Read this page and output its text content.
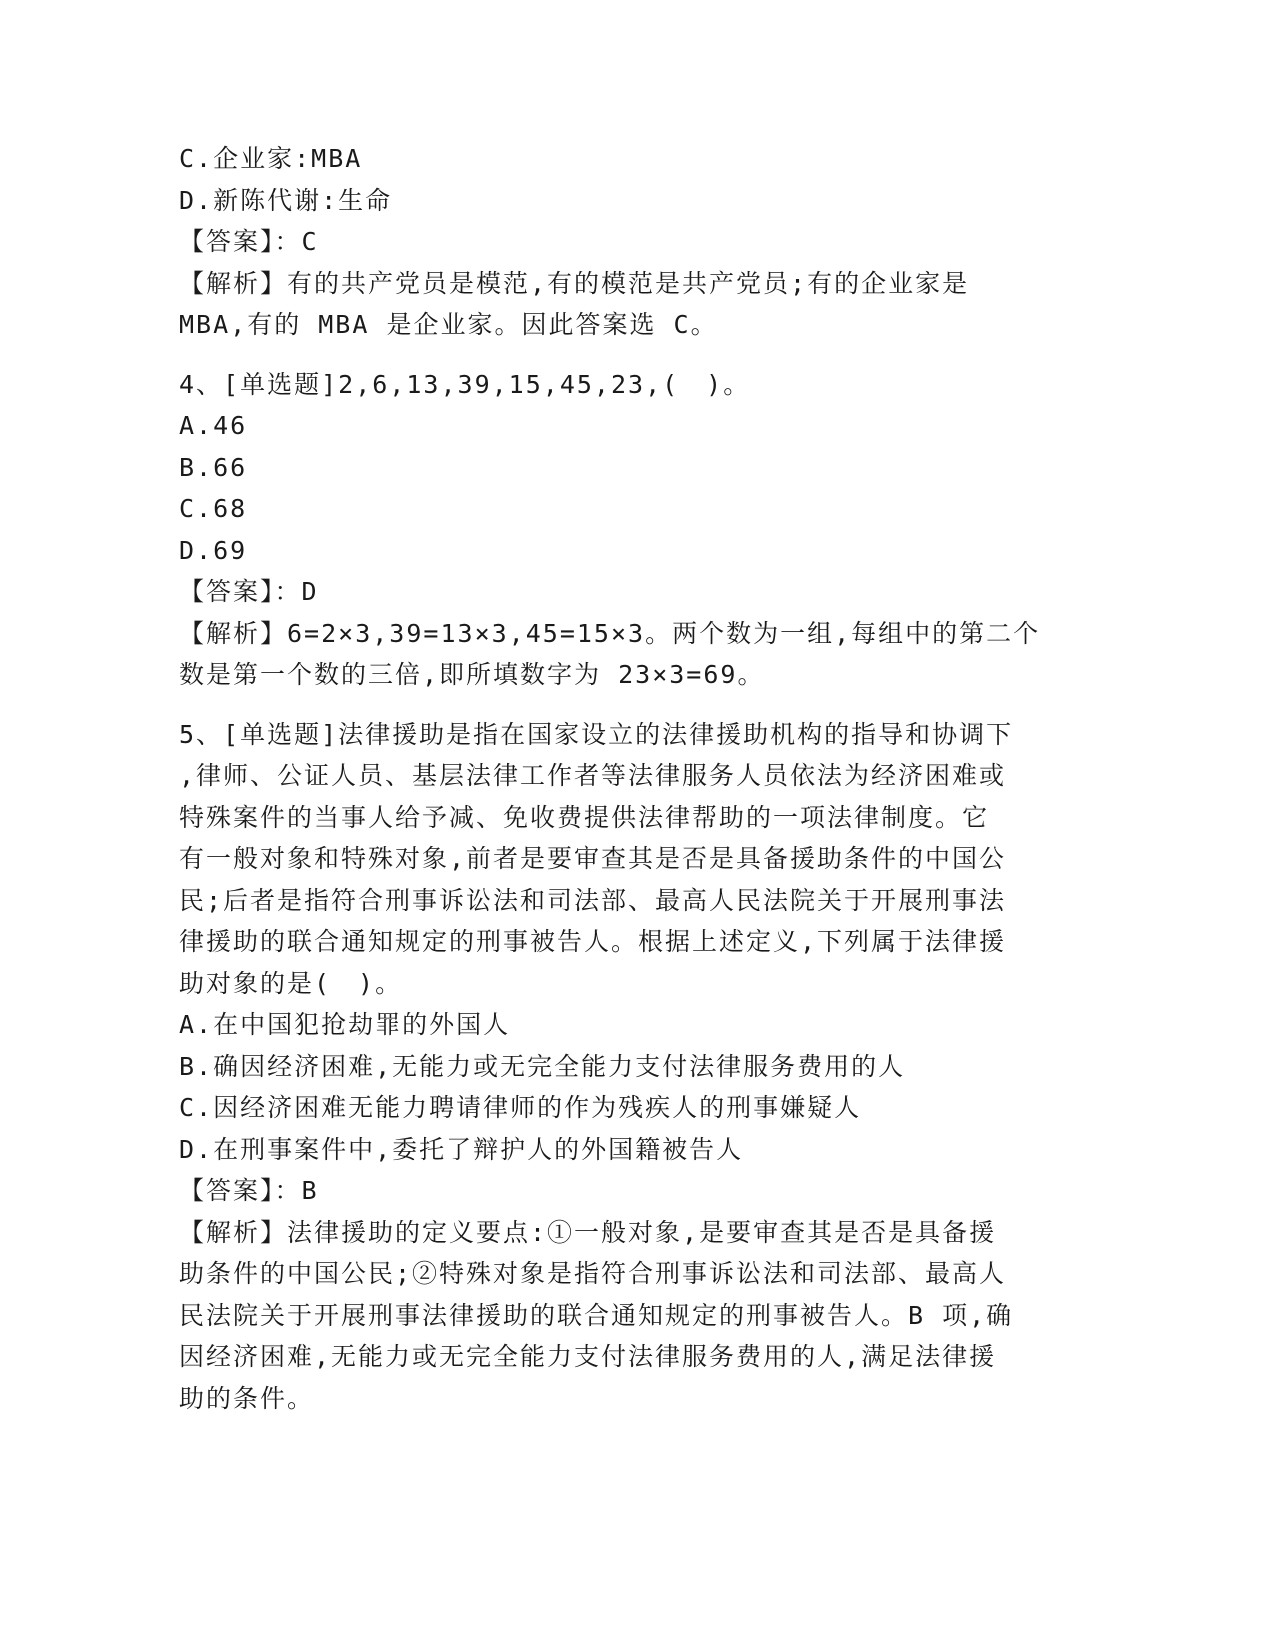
C.企业家:MBA
D.新陈代谢:生命
【答案】：C
【解析】有的共产党员是模范,有的模范是共产党员;有的企业家是
MBA,有的 MBA 是企业家。因此答案选 C。
4、[单选题]2,6,13,39,15,45,23,(　)。
A.46
B.66
C.68
D.69
【答案】：D
【解析】6=2×3,39=13×3,45=15×3。两个数为一组,每组中的第二个
数是第一个数的三倍,即所填数字为 23×3=69。
5、[单选题]法律援助是指在国家设立的法律援助机构的指导和协调下
,律师、公证人员、基层法律工作者等法律服务人员依法为经济困难或
特殊案件的当事人给予减、免收费提供法律帮助的一项法律制度。它
有一般对象和特殊对象,前者是要审查其是否是具备援助条件的中国公
民;后者是指符合刑事诉讼法和司法部、最高人民法院关于开展刑事法
律援助的联合通知规定的刑事被告人。根据上述定义,下列属于法律援
助对象的是(　)。
A.在中国犯抢劫罪的外国人
B.确因经济困难,无能力或无完全能力支付法律服务费用的人
C.因经济困难无能力聘请律师的作为残疾人的刑事嫌疑人
D.在刑事案件中,委托了辩护人的外国籍被告人
【答案】：B
【解析】法律援助的定义要点:①一般对象,是要审查其是否是具备援
助条件的中国公民;②特殊对象是指符合刑事诉讼法和司法部、最高人
民法院关于开展刑事法律援助的联合通知规定的刑事被告人。B 项,确
因经济困难,无能力或无完全能力支付法律服务费用的人,满足法律援
助的条件。
